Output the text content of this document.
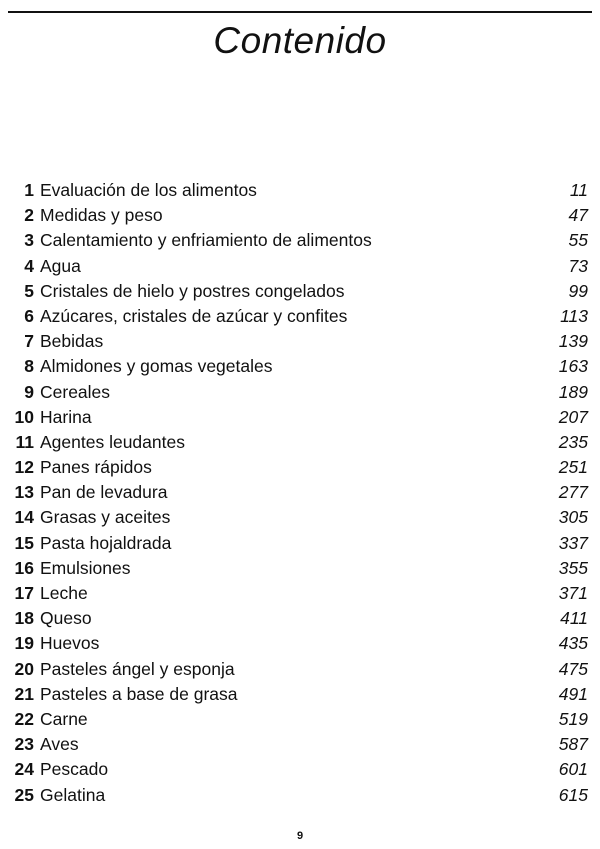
Contenido
1 Evaluación de los alimentos	11
2 Medidas y peso	47
3 Calentamiento y enfriamiento de alimentos	55
4 Agua	73
5 Cristales de hielo y postres congelados	99
6 Azúcares, cristales de azúcar y confites	113
7 Bebidas	139
8 Almidones y gomas vegetales	163
9 Cereales	189
10 Harina	207
11 Agentes leudantes	235
12 Panes rápidos	251
13 Pan de levadura	277
14 Grasas y aceites	305
15 Pasta hojaldrada	337
16 Emulsiones	355
17 Leche	371
18 Queso	411
19 Huevos	435
20 Pasteles ángel y esponja	475
21 Pasteles a base de grasa	491
22 Carne	519
23 Aves	587
24 Pescado	601
25 Gelatina	615
9
